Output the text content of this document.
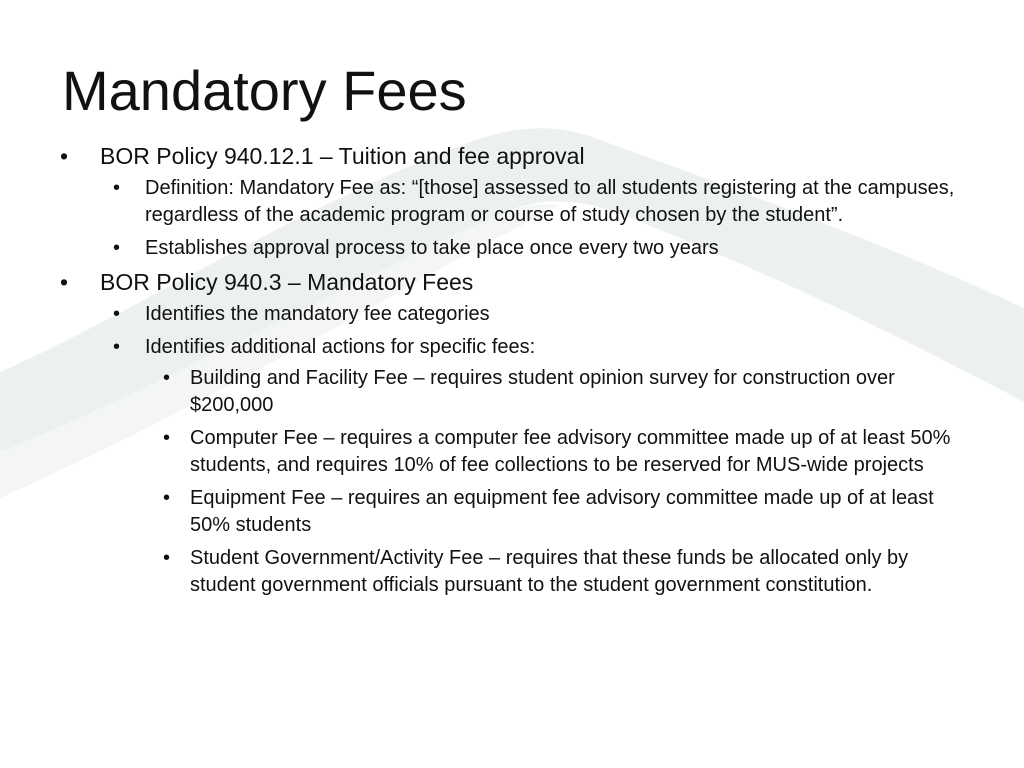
Mandatory Fees
• BOR Policy 940.12.1 – Tuition and fee approval
• Definition: Mandatory Fee as: “[those] assessed to all students registering at the campuses, regardless of the academic program or course of study chosen by the student”.
• Establishes approval process to take place once every two years
• BOR Policy 940.3 – Mandatory Fees
• Identifies the mandatory fee categories
• Identifies additional actions for specific fees:
• Building and Facility Fee – requires student opinion survey for construction over $200,000
• Computer Fee – requires a computer fee advisory committee made up of at least 50% students, and requires 10% of fee collections to be reserved for MUS-wide projects
• Equipment Fee – requires an equipment fee advisory committee made up of at least 50% students
• Student Government/Activity Fee – requires that these funds be allocated only by student government officials pursuant to the student government constitution.
